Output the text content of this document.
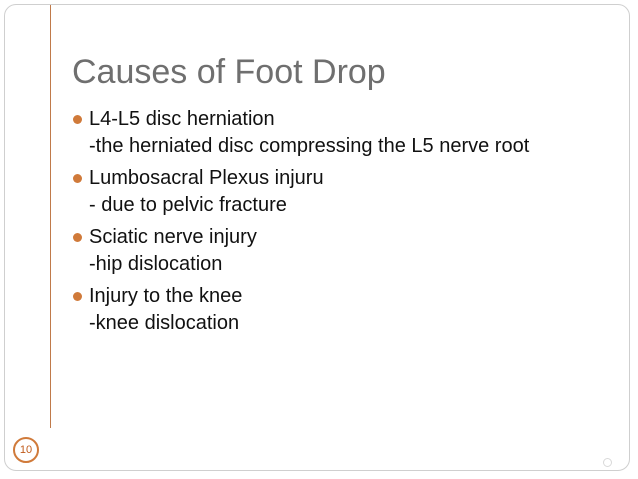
Causes of Foot Drop
L4-L5 disc herniation
-the herniated disc compressing the L5 nerve root
Lumbosacral Plexus injuru
- due to pelvic fracture
Sciatic nerve injury
-hip dislocation
Injury to the knee
-knee dislocation
10
